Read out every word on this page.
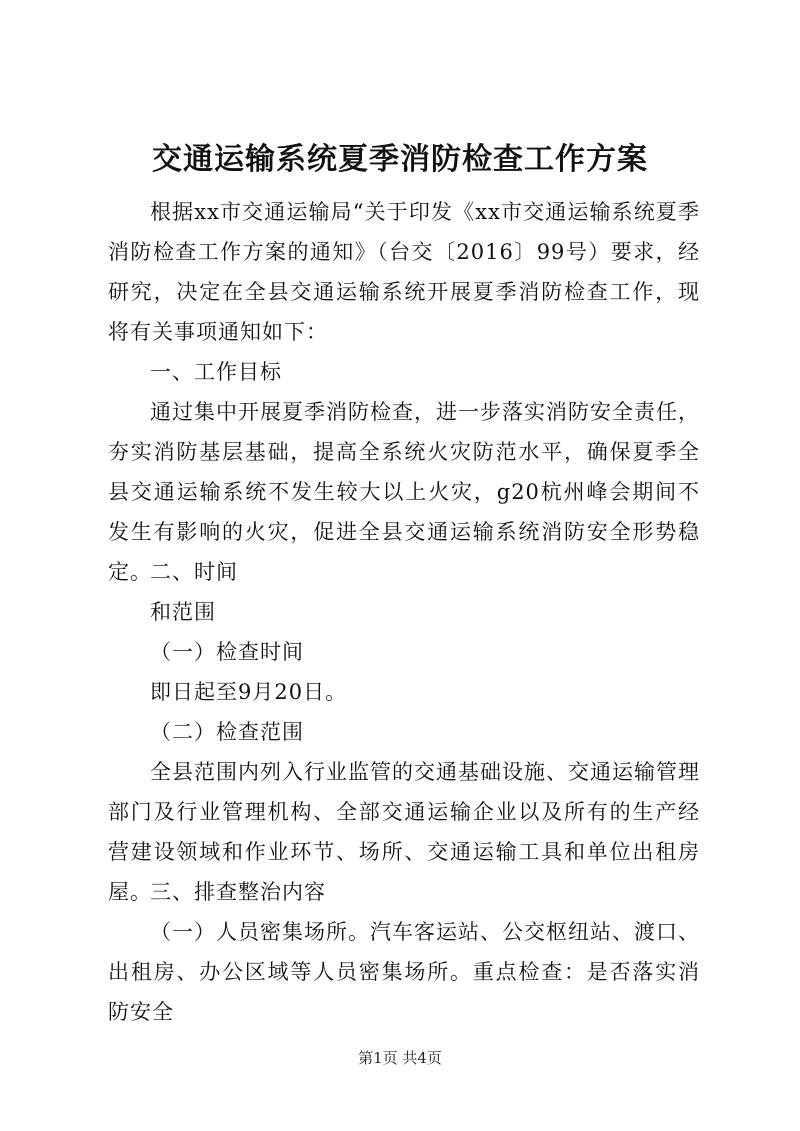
交通运输系统夏季消防检查工作方案
根据xx市交通运输局“关于印发《xx市交通运输系统夏季消防检查工作方案的通知》（台交〔2016〕99号）要求，经研究，决定在全县交通运输系统开展夏季消防检查工作，现将有关事项通知如下：
一、工作目标
通过集中开展夏季消防检查，进一步落实消防安全责任，夯实消防基层基础，提高全系统火灾防范水平，确保夏季全县交通运输系统不发生较大以上火灾，g20杭州峰会期间不发生有影响的火灾，促进全县交通运输系统消防安全形势稳定。
二、时间
和范围
（一）检查时间
即日起至9月20日。
（二）检查范围
全县范围内列入行业监管的交通基础设施、交通运输管理部门及行业管理机构、全部交通运输企业以及所有的生产经营建设领域和作业环节、场所、交通运输工具和单位出租房屋。
三、排查整治内容
（一）人员密集场所。汽车客运站、公交枢纽站、渡口、出租房、办公区域等人员密集场所。重点检查：是否落实消防安全
第1页 共4页
